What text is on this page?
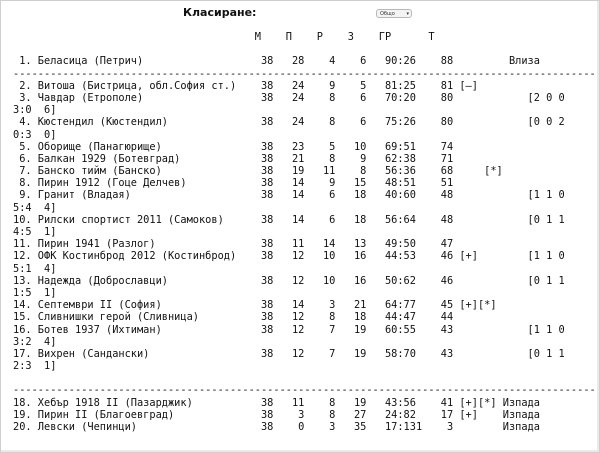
Класиране:	Общо ▾
М    П    Р    З    ГР      Т
1. Беласица (Петрич)                   38   28    4    6   90:26    88         Влиза
----------------------------------------------------------------------------------------------
2. Витоша (Бистрица, обл.София ст.)    38   24    9    5   81:25    81 [–]
3. Чавдар (Етрополе)                   38   24    8    6   70:20    80            [2 0 0
3:0  6]
4. Кюстендил (Кюстендил)               38   24    8    6   75:26    80            [0 0 2
0:3  0]
5. Оборище (Панагюрище)                38   23    5   10   69:51    74
6. Балкан 1929 (Ботевград)             38   21    8    9   62:38    71
7. Банско тийм (Банско)                38   19   11    8   56:36    68     [*]
8. Пирин 1912 (Гоце Делчев)            38   14    9   15   48:51    51
9. Гранит (Владая)                     38   14    6   18   40:60    48            [1 1 0
5:4  4]
10. Рилски спортист 2011 (Самоков)      38   14    6   18   56:64    48            [0 1 1
4:5  1]
11. Пирин 1941 (Разлог)                 38   11   14   13   49:50    47
12. ОФК Костинброд 2012 (Костинброд)    38   12   10   16   44:53    46 [+]        [1 1 0
5:1  4]
13. Надежда (Доброславци)               38   12   10   16   50:62    46            [0 1 1
1:5  1]
14. Септември II (София)                38   14    3   21   64:77    45 [+][*]
15. Сливнишки герой (Сливница)          38   12    8   18   44:47    44
16. Ботев 1937 (Ихтиман)                38   12    7   19   60:55    43            [1 1 0
3:2  4]
17. Вихрен (Сандански)                  38   12    7   19   58:70    43            [0 1 1
2:3  1]
----------------------------------------------------------------------------------------------
18. Хебър 1918 II (Пазарджик)           38   11    8   19   43:56    41 [+][*] Изпада
19. Пирин II (Благоевград)              38    3    8   27   24:82    17 [+]    Изпада
20. Левски (Чепинци)                    38    0    3   35   17:131    3        Изпада
